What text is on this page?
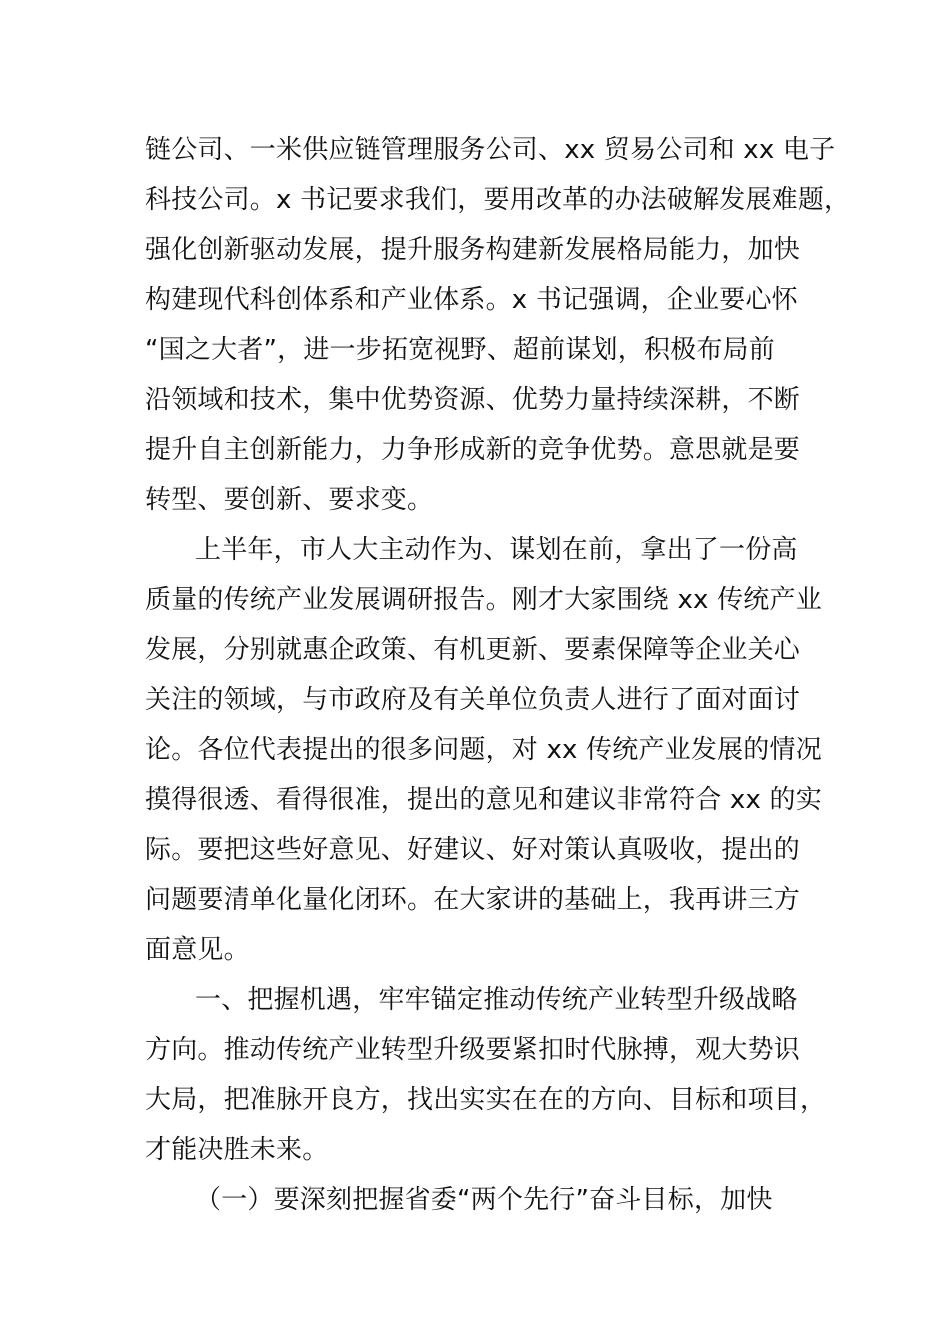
链公司、一米供应链管理服务公司、xx 贸易公司和 xx 电子
科技公司。x 书记要求我们，要用改革的办法破解发展难题，
强化创新驱动发展，提升服务构建新发展格局能力，加快
构建现代科创体系和产业体系。x 书记强调，企业要心怀
“国之大者”，进一步拓宽视野、超前谋划，积极布局前
沿领域和技术，集中优势资源、优势力量持续深耕，不断
提升自主创新能力，力争形成新的竞争优势。意思就是要
转型、要创新、要求变。
上半年，市人大主动作为、谋划在前，拿出了一份高
质量的传统产业发展调研报告。刚才大家围绕 xx 传统产业
发展，分别就惠企政策、有机更新、要素保障等企业关心
关注的领域，与市政府及有关单位负责人进行了面对面讨
论。各位代表提出的很多问题，对 xx 传统产业发展的情况
摸得很透、看得很准，提出的意见和建议非常符合 xx 的实
际。要把这些好意见、好建议、好对策认真吸收，提出的
问题要清单化量化闭环。在大家讲的基础上，我再讲三方
面意见。
一、把握机遇，牢牢锚定推动传统产业转型升级战略
方向。推动传统产业转型升级要紧扣时代脉搏，观大势识
大局，把准脉开良方，找出实实在在的方向、目标和项目，
才能决胜未来。
（一）要深刻把握省委“两个先行”奋斗目标，加快
